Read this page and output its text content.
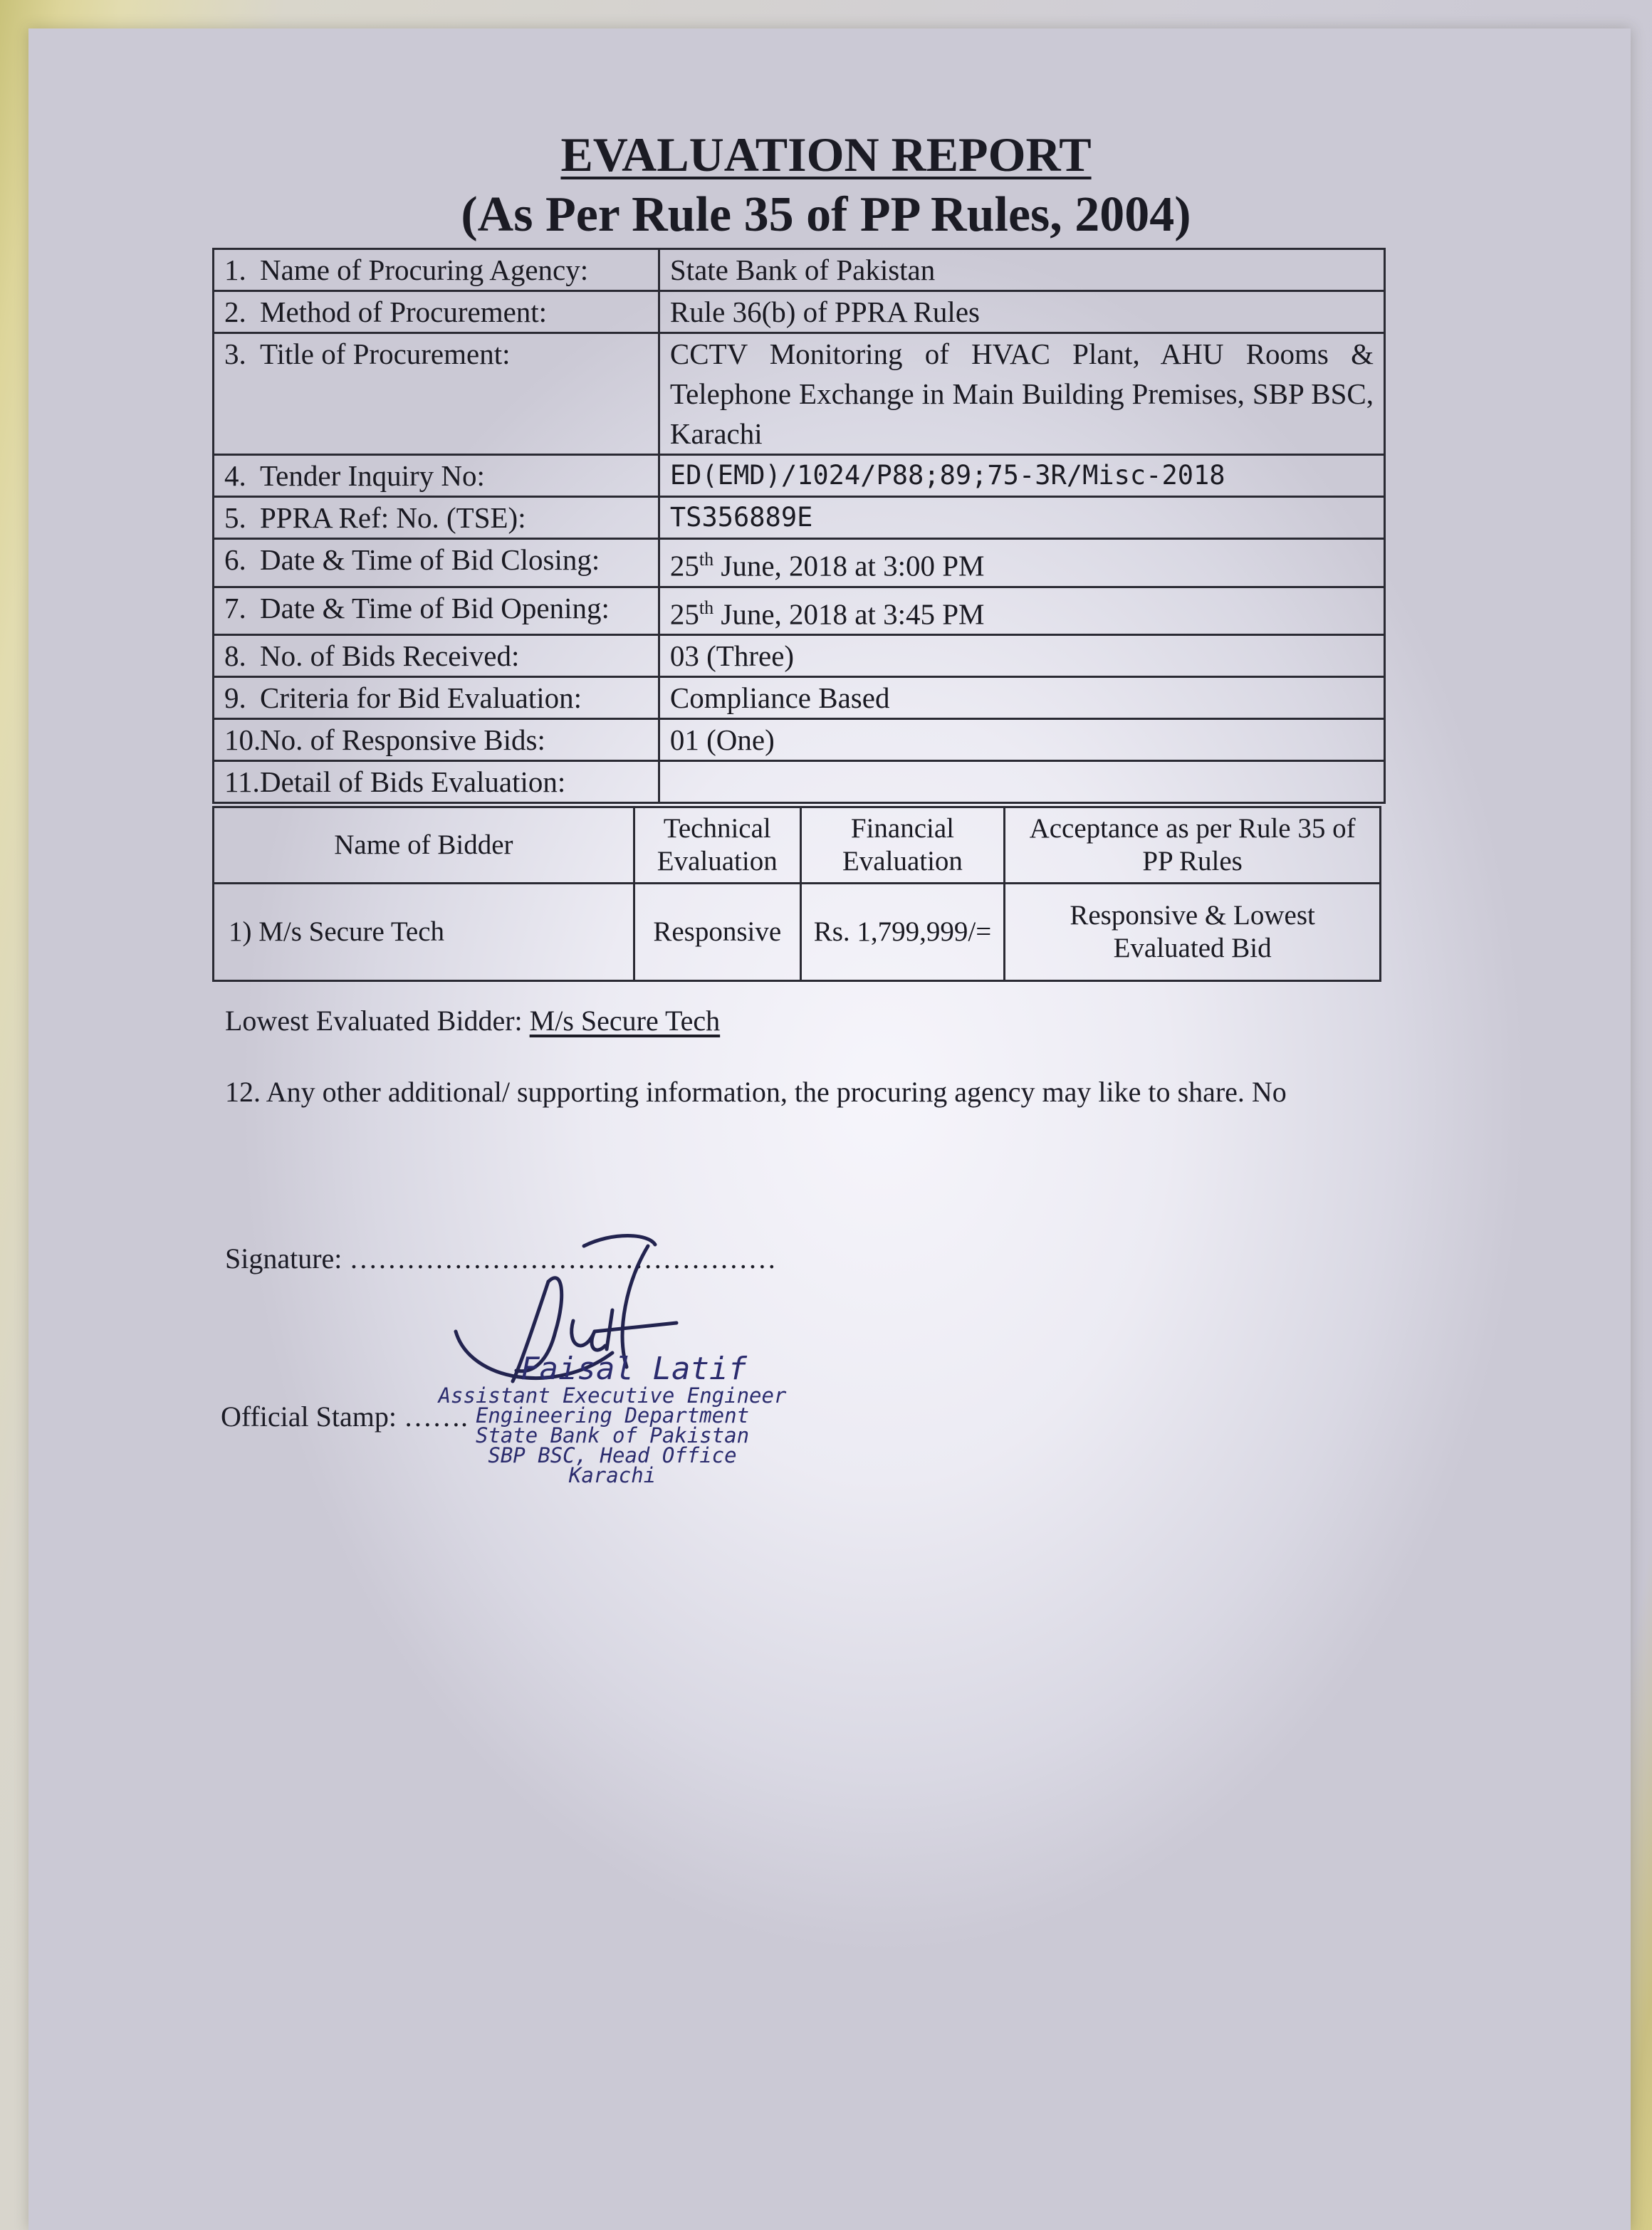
EVALUATION REPORT
(As Per Rule 35 of PP Rules, 2004)
1. Name of Procuring Agency:	State Bank of Pakistan
2. Method of Procurement:	Rule 36(b) of PPRA Rules
3. Title of Procurement:	CCTV Monitoring of HVAC Plant, AHU Rooms & Telephone Exchange in Main Building Premises, SBP BSC, Karachi
4. Tender Inquiry No:	ED(EMD)/1024/P88;89;75-3R/Misc-2018
5. PPRA Ref: No. (TSE):	TS356889E
6. Date & Time of Bid Closing:	25th June, 2018 at 3:00 PM
7. Date & Time of Bid Opening:	25th June, 2018 at 3:45 PM
8. No. of Bids Received:	03 (Three)
9. Criteria for Bid Evaluation:	Compliance Based
10.No. of Responsive Bids:	01 (One)
11.Detail of Bids Evaluation:	
Name of Bidder	Technical Evaluation	Financial Evaluation	Acceptance as per Rule 35 of PP Rules
1) M/s Secure Tech	Responsive	Rs. 1,799,999/=	Responsive & Lowest Evaluated Bid
Lowest Evaluated Bidder: M/s Secure Tech
12. Any other additional/ supporting information, the procuring agency may like to share. No
Signature: ………………………………………
Faisal Latif
Assistant Executive Engineer
Engineering Department
State Bank of Pakistan
SBP BSC, Head Office
Karachi
Official Stamp: …….
